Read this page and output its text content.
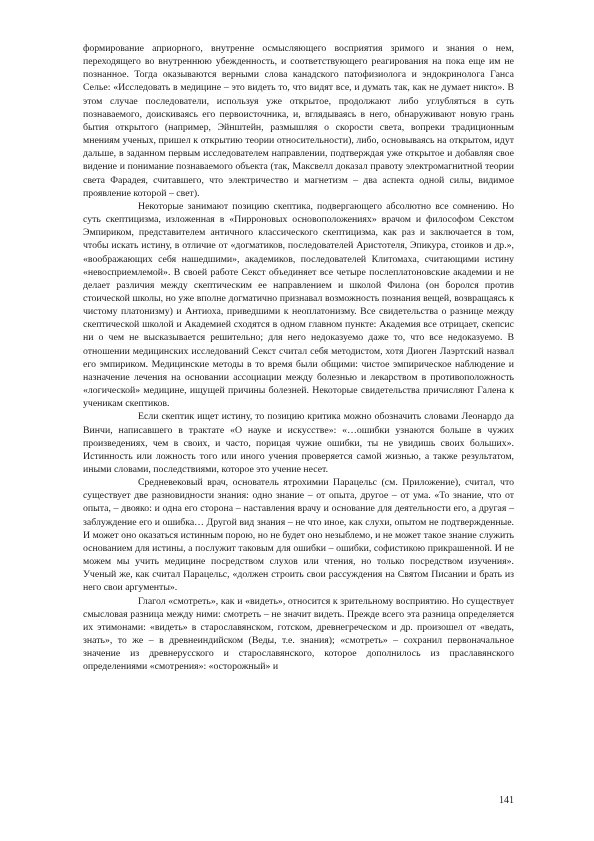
формирование априорного, внутренне осмысляющего восприятия зримого и знания о нем, переходящего во внутреннюю убежденность, и соответствующего реагирования на пока еще им не познанное. Тогда оказываются верными слова канадского патофизиолога и эндокринолога Ганса Селье: «Исследовать в медицине – это видеть то, что видят все, и думать так, как не думает никто». В этом случае последователи, используя уже открытое, продолжают либо углубляться в суть познаваемого, доискиваясь его первоисточника, и, вглядываясь в него, обнаруживают новую грань бытия открытого (например, Эйнштейн, размышляя о скорости света, вопреки традиционным мнениям ученых, пришел к открытию теории относительности), либо, основываясь на открытом, идут дальше, в заданном первым исследователем направлении, подтверждая уже открытое и добавляя свое видение и понимание познаваемого объекта (так, Максвелл доказал правоту электромагнитной теории света Фарадея, считавшего, что электричество и магнетизм – два аспекта одной силы, видимое проявление которой – свет).

Некоторые занимают позицию скептика, подвергающего абсолютно все сомнению. Но суть скептицизма, изложенная в «Пирроновых основоположениях» врачом и философом Секстом Эмпириком, представителем античного классического скептицизма, как раз и заключается в том, чтобы искать истину, в отличие от «догматиков, последователей Аристотеля, Эпикура, стоиков и др.», «воображающих себя нашедшими», академиков, последователей Клитомаха, считающими истину «невосприемлемой». В своей работе Секст объединяет все четыре послеплатоновские академии и не делает различия между скептическим ее направлением и школой Филона (он боролся против стоической школы, но уже вполне догматично признавал возможность познания вещей, возвращаясь к чистому платонизму) и Антиоха, приведшими к неоплатонизму. Все свидетельства о разнице между скептической школой и Академией сходятся в одном главном пункте: Академия все отрицает, скепсис ни о чем не высказывается решительно; для него недоказуемо даже то, что все недоказуемо. В отношении медицинских исследований Секст считал себя методистом, хотя Диоген Лаэртский назвал его эмпириком. Медицинские методы в то время были общими: чистое эмпирическое наблюдение и назначение лечения на основании ассоциации между болезнью и лекарством в противоположность «логической» медицине, ищущей причины болезней. Некоторые свидетельства причисляют Галена к ученикам скептиков.

Если скептик ищет истину, то позицию критика можно обозначить словами Леонардо да Винчи, написавшего в трактате «О науке и искусстве»: «…ошибки узнаются больше в чужих произведениях, чем в своих, и часто, порицая чужие ошибки, ты не увидишь своих больших». Истинность или ложность того или иного учения проверяется самой жизнью, а также результатом, иными словами, последствиями, которое это учение несет.

Средневековый врач, основатель ятрохимии Парацельс (см. Приложение), считал, что существует две разновидности знания: одно знание – от опыта, другое – от ума. «То знание, что от опыта, – двояко: и одна его сторона – наставления врачу и основание для деятельности его, а другая – заблуждение его и ошибка… Другой вид знания – не что иное, как слухи, опытом не подтвержденные. И может оно оказаться истинным порою, но не будет оно незыблемо, и не может такое знание служить основанием для истины, а послужит таковым для ошибки – ошибки, софистикою прикрашенной. И не можем мы учить медицине посредством слухов или чтения, но только посредством изучения». Ученый же, как считал Парацельс, «должен строить свои рассуждения на Святом Писании и брать из него свои аргументы».

Глагол «смотреть», как и «видеть», относится к зрительному восприятию. Но существует смысловая разница между ними: смотреть – не значит видеть. Прежде всего эта разница определяется их этимонами: «видеть» в старославянском, готском, древнегреческом и др. произошел от «ведать, знать», то же – в древнеиндийском (Веды, т.е. знания); «смотреть» – сохранил первоначальное значение из древнерусского и старославянского, которое дополнилось из праславянского определениями «смотрения»: «осторожный» и

141
